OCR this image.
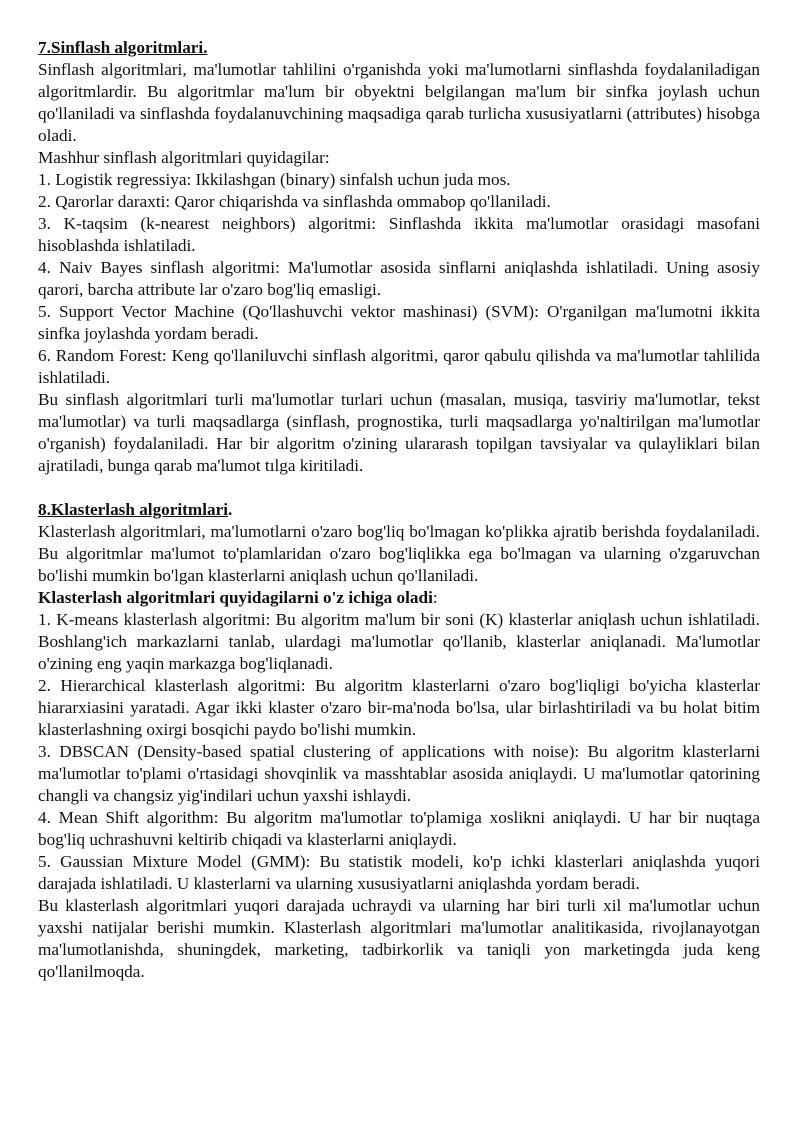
7.Sinflash algoritmlari.

Sinflash algoritmlari, ma'lumotlar tahlilini o'rganishda yoki ma'lumotlarni sinflashda foydalaniladigan algoritmlardir. Bu algoritmlar ma'lum bir obyektni belgilangan ma'lum bir sinfka joylash uchun qo'llaniladi va sinflashda foydalanuvchining maqsadiga qarab turlicha xususiyatlarni (attributes) hisobga oladi.

Mashhur sinflash algoritmlari quyidagilar:

1. Logistik regressiya: Ikkilashgan (binary) sinfalsh uchun juda mos.

2. Qarorlar daraxti: Qaror chiqarishda va sinflashda ommabop qo'llaniladi.

3. K-taqsim (k-nearest neighbors) algoritmi: Sinflashda ikkita ma'lumotlar orasidagi masofani hisoblashda ishlatiladi.

4. Naiv Bayes sinflash algoritmi: Ma'lumotlar asosida sinflarni aniqlashda ishlatiladi. Uning asosiy qarori, barcha attribute lar o'zaro bog'liq emasligi.

5. Support Vector Machine (Qo'llashuvchi vektor mashinasi) (SVM): O'rganilgan ma'lumotni ikkita sinfka joylashda yordam beradi.

6. Random Forest: Keng qo'llaniluvchi sinflash algoritmi, qaror qabulu qilishda va ma'lumotlar tahlilida ishlatiladi.

Bu sinflash algoritmlari turli ma'lumotlar turlari uchun (masalan, musiqa, tasviriy ma'lumotlar, tekst ma'lumotlar) va turli maqsadlarga (sinflash, prognostika, turli maqsadlarga yo'naltirilgan ma'lumotlar o'rganish) foydalaniladi. Har bir algoritm o'zining ulararash topilgan tavsiyalar va qulayliklari bilan ajratiladi, bunga qarab ma'lumot tılga kiritiladi.

8.Klasterlash algoritmlari.

Klasterlash algoritmlari, ma'lumotlarni o'zaro bog'liq bo'lmagan ko'plikka ajratib berishda foydalaniladi. Bu algoritmlar ma'lumot to'plamlaridan o'zaro bog'liqlikka ega bo'lmagan va ularning o'zgaruvchan bo'lishi mumkin bo'lgan klasterlarni aniqlash uchun qo'llaniladi.

Klasterlash algoritmlari quyidagilarni o'z ichiga oladi:

1. K-means klasterlash algoritmi: Bu algoritm ma'lum bir soni (K) klasterlar aniqlash uchun ishlatiladi. Boshlang'ich markazlarni tanlab, ulardagi ma'lumotlar qo'llanib, klasterlar aniqlanadi. Ma'lumotlar o'zining eng yaqin markazga bog'liqlanadi.

2. Hierarchical klasterlash algoritmi: Bu algoritm klasterlarni o'zaro bog'liqligi bo'yicha klasterlar hiararxiasini yaratadi. Agar ikki klaster o'zaro bir-ma'noda bo'lsa, ular birlashtiriladi va bu holat bitim klasterlashning oxirgi bosqichi paydo bo'lishi mumkin.

3. DBSCAN (Density-based spatial clustering of applications with noise): Bu algoritm klasterlarni ma'lumotlar to'plami o'rtasidagi shovqinlik va masshtablar asosida aniqlaydi. U ma'lumotlar qatorining changli va changsiz yig'indilari uchun yaxshi ishlaydi.

4. Mean Shift algorithm: Bu algoritm ma'lumotlar to'plamiga xoslikni aniqlaydi. U har bir nuqtaga bog'liq uchrashuvni keltirib chiqadi va klasterlarni aniqlaydi.

5. Gaussian Mixture Model (GMM): Bu statistik modeli, ko'p ichki klasterlari aniqlashda yuqori darajada ishlatiladi. U klasterlarni va ularning xususiyatlarni aniqlashda yordam beradi.

Bu klasterlash algoritmlari yuqori darajada uchraydi va ularning har biri turli xil ma'lumotlar uchun yaxshi natijalar berishi mumkin. Klasterlash algoritmlari ma'lumotlar analitikasida, rivojlanayotgan ma'lumotlanishda, shuningdek, marketing, tadbirkorlik va taniqli yon marketingda juda keng qo'llanilmoqda.
